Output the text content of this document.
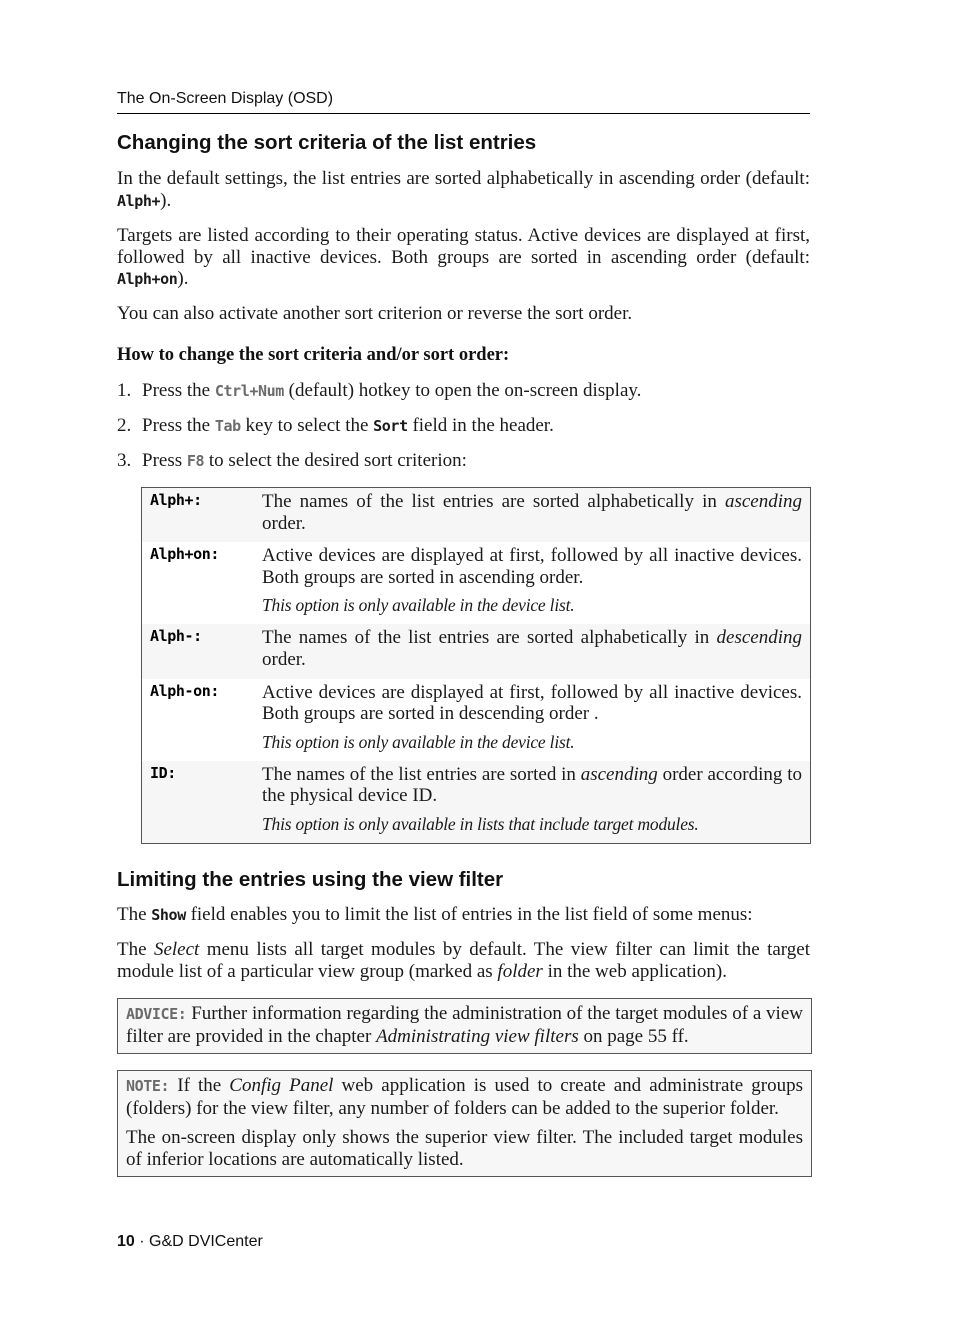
The On-Screen Display (OSD)
Changing the sort criteria of the list entries

In the default settings, the list entries are sorted alphabetically in ascending order (default: Alph+).

Targets are listed according to their operating status. Active devices are displayed at first, followed by all inactive devices. Both groups are sorted in ascending order (default: Alph+on).

You can also activate another sort criterion or reverse the sort order.

How to change the sort criteria and/or sort order:
1. Press the Ctrl+Num (default) hotkey to open the on-screen display.
2. Press the Tab key to select the Sort field in the header.
3. Press F8 to select the desired sort criterion:
Alph+:	The names of the list entries are sorted alphabetically in ascending order.

Alph+on:	Active devices are displayed at first, followed by all inactive devices. Both groups are sorted in ascending order.
This option is only available in the device list.

Alph-:	The names of the list entries are sorted alphabetically in descending order.

Alph-on:	Active devices are displayed at first, followed by all inactive devices. Both groups are sorted in descending order .
This option is only available in the device list.

ID:	The names of the list entries are sorted in ascending order according to the physical device ID.
This option is only available in lists that include target modules.
Limiting the entries using the view filter

The Show field enables you to limit the list of entries in the list field of some menus:

The Select menu lists all target modules by default. The view filter can limit the target module list of a particular view group (marked as folder in the web application).

ADVICE: Further information regarding the administration of the target modules of a view filter are provided in the chapter Administrating view filters on page 55 ff.

NOTE: If the Config Panel web application is used to create and administrate groups (folders) for the view filter, any number of folders can be added to the superior folder.

The on-screen display only shows the superior view filter. The included target modules of inferior locations are automatically listed.

10 · G&D DVICenter
